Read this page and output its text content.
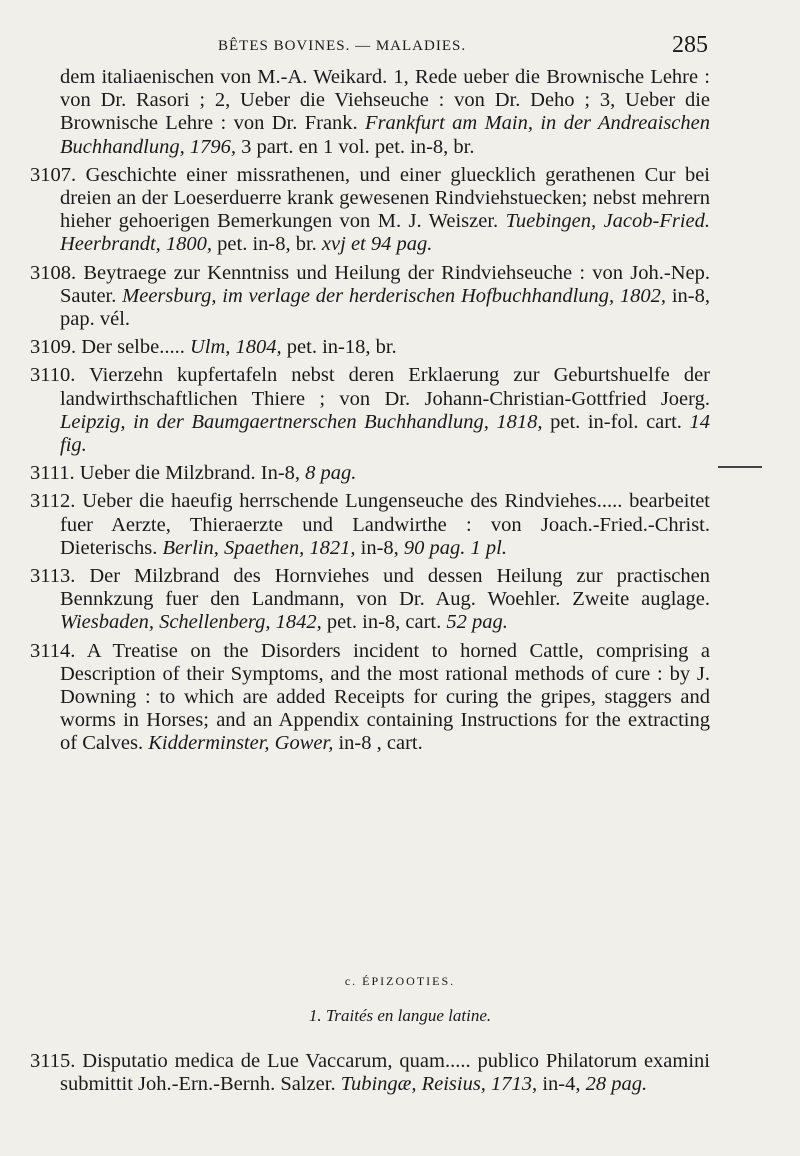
BÊTES BOVINES. — MALADIES.	285
dem italiaenischen von M.-A. Weikard. 1, Rede ueber die Brownische Lehre : von Dr. Rasori ; 2, Ueber die Viehseuche : von Dr. Deho ; 3, Ueber die Brownische Lehre : von Dr. Frank. Frankfurt am Main, in der Andreaischen Buchhandlung, 1796, 3 part. en 1 vol. pet. in-8, br.
3107. Geschichte einer missrathenen, und einer gluecklich gerathenen Cur bei dreien an der Loeserduerre krank gewesenen Rindviehstuecken; nebst mehrern hieher gehoerigen Bemerkungen von M. J. Weiszer. Tuebingen, Jacob-Fried. Heerbrandt, 1800, pet. in-8, br. xvj et 94 pag.
3108. Beytraege zur Kenntniss und Heilung der Rindviehseuche : von Joh.-Nep. Sauter. Meersburg, im verlage der herderischen Hofbuchhandlung, 1802, in-8, pap. vél.
3109. Der selbe..... Ulm, 1804, pet. in-18, br.
3110. Vierzehn kupfertafeln nebst deren Erklaerung zur Geburtshuelfe der landwirthschaftlichen Thiere ; von Dr. Johann-Christian-Gottfried Joerg. Leipzig, in der Baumgaertnerschen Buchhandlung, 1818, pet. in-fol. cart. 14 fig.
3111. Ueber die Milzbrand. In-8, 8 pag.
3112. Ueber die haeufig herrschende Lungenseuche des Rindviehes..... bearbeitet fuer Aerzte, Thieraerzte und Landwirthe : von Joach.-Fried.-Christ. Dieterischs. Berlin, Spaethen, 1821, in-8, 90 pag. 1 pl.
3113. Der Milzbrand des Hornviehes und dessen Heilung zur practischen Bennkzung fuer den Landmann, von Dr. Aug. Woehler. Zweite auglage. Wiesbaden, Schellenberg, 1842, pet. in-8, cart. 52 pag.
3114. A Treatise on the Disorders incident to horned Cattle, comprising a Description of their Symptoms, and the most rational methods of cure : by J. Downing : to which are added Receipts for curing the gripes, staggers and worms in Horses; and an Appendix containing Instructions for the extracting of Calves. Kidderminster, Gower, in-8 , cart.
c. ÉPIZOOTIES.
1. Traités en langue latine.
3115. Disputatio medica de Lue Vaccarum, quam..... publico Philatorum examini submittit Joh.-Ern.-Bernh. Salzer. Tubingæ, Reisius, 1713, in-4, 28 pag.
